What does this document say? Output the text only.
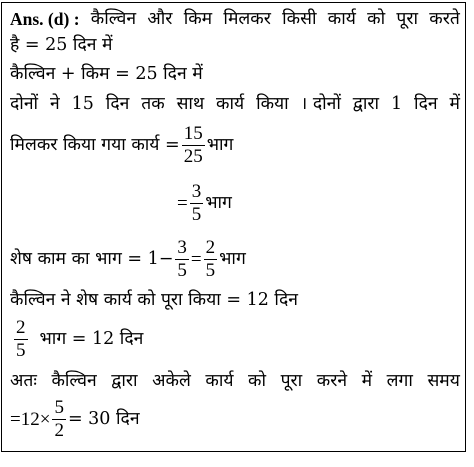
Ans. (d) : कैल्विन और किम मिलकर किसी कार्य को पूरा करते
है = 25 दिन में
कैल्विन + किम = 25 दिन में
दोनों ने 15 दिन तक साथ कार्य किया । दोनों द्वारा 1 दिन में
मिलकर किया गया कार्य = $\frac{15}{25}$ भाग
= $\frac{3}{5}$ भाग
शेष काम का भाग = $1- \frac{3}{5} = \frac{2}{5}$ भाग
कैल्विन ने शेष कार्य को पूरा किया = 12 दिन
$\frac{2}{5}$ भाग = 12 दिन
अतः कैल्विन द्वारा अकेले कार्य को पूरा करने में लगा समय
$=12\times \frac{5}{2} = 30$ दिन
